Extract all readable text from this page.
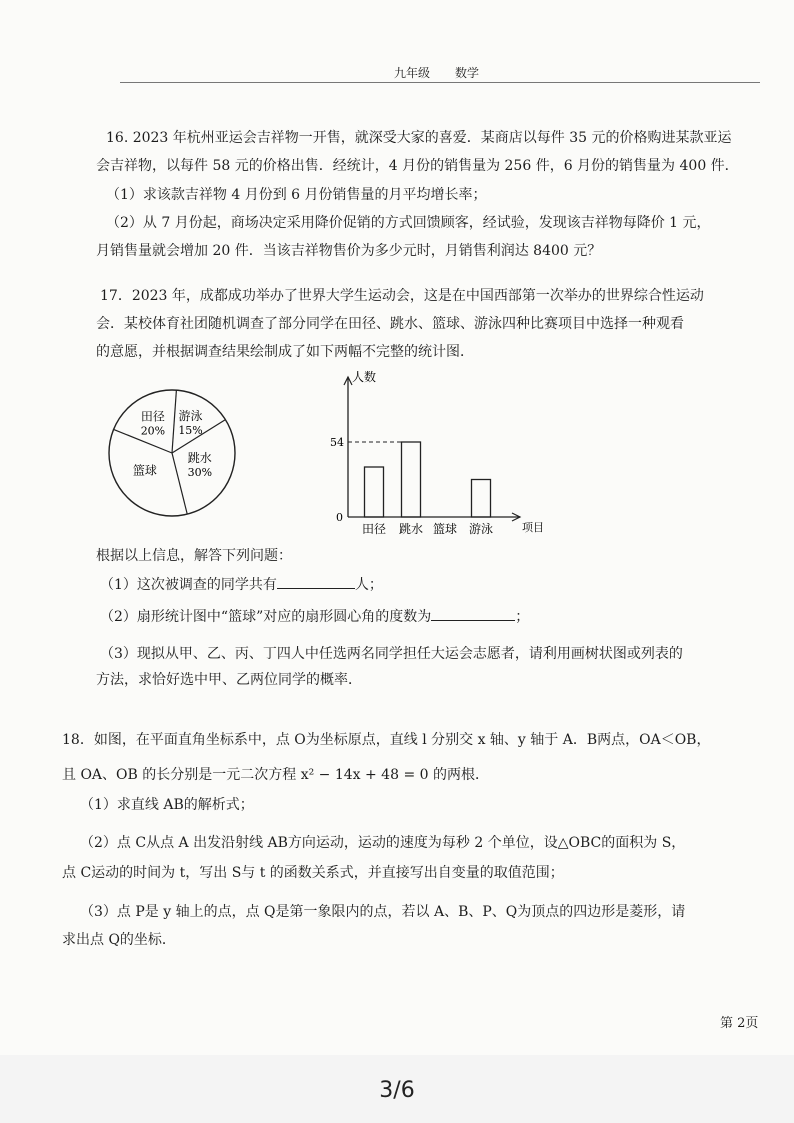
九年级 数学
16. 2023 年杭州亚运会吉祥物一开售，就深受大家的喜爱．某商店以每件 35 元的价格购进某款亚运
会吉祥物，以每件 58 元的价格出售．经统计，4 月份的销售量为 256 件，6 月份的销售量为 400 件．
（1）求该款吉祥物 4 月份到 6 月份销售量的月平均增长率；
（2）从 7 月份起，商场决定采用降价促销的方式回馈顾客，经试验，发现该吉祥物每降价 1 元，
月销售量就会增加 20 件．当该吉祥物售价为多少元时，月销售利润达 8400 元？
17．2023 年，成都成功举办了世界大学生运动会，这是在中国西部第一次举办的世界综合性运动
会．某校体育社团随机调查了部分同学在田径、跳水、篮球、游泳四种比赛项目中选择一种观看
的意愿，并根据调查结果绘制成了如下两幅不完整的统计图．
田径
20%
游泳
15%
跳水
30%
篮球
人数
项目
0
54
田径 跳水 篮球 游泳
根据以上信息，解答下列问题：
（1）这次被调查的同学共有	人；
（2）扇形统计图中“篮球”对应的扇形圆心角的度数为	；
（3）现拟从甲、乙、丙、丁四人中任选两名同学担任大运会志愿者，请利用画树状图或列表的
方法，求恰好选中甲、乙两位同学的概率．
18．如图，在平面直角坐标系中，点 O为坐标原点，直线 l 分别交 x 轴、y 轴于 A．B两点，OA＜OB，
且 OA、OB 的长分别是一元二次方程 x² − 14x + 48 = 0 的两根．
（1）求直线 AB的解析式；
（2）点 C从点 A 出发沿射线 AB方向运动，运动的速度为每秒 2 个单位，设△OBC的面积为 S，
点 C运动的时间为 t，写出 S与 t 的函数关系式，并直接写出自变量的取值范围；
（3）点 P是 y 轴上的点，点 Q是第一象限内的点，若以 A、B、P、Q为顶点的四边形是菱形，请
求出点 Q的坐标．
第 2页
3/6
